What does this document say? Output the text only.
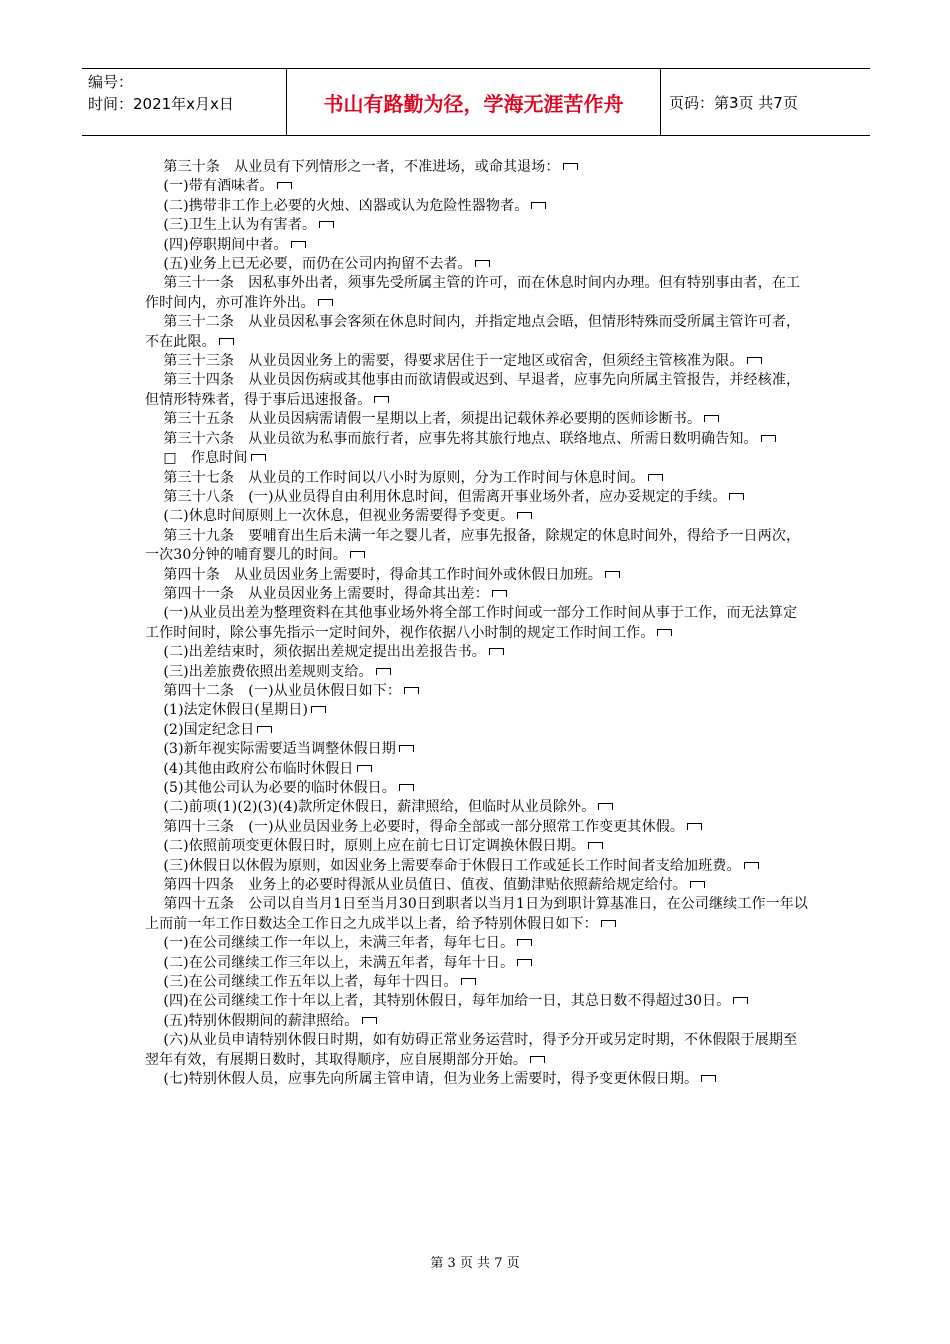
编号：
时间：2021年x月x日	书山有路勤为径，学海无涯苦作舟	页码：第3页 共7页

第三十条　从业员有下列情形之一者，不准进场，或命其退场：

(一)带有酒味者。

(二)携带非工作上必要的火烛、凶器或认为危险性器物者。

(三)卫生上认为有害者。

(四)停职期间中者。

(五)业务上已无必要，而仍在公司内拘留不去者。

第三十一条　因私事外出者，须事先受所属主管的许可，而在休息时间内办理。但有特别事由者，在工作时间内，亦可准许外出。

第三十二条　从业员因私事会客须在休息时间内，并指定地点会晤，但情形特殊而受所属主管许可者，不在此限。

第三十三条　从业员因业务上的需要，得要求居住于一定地区或宿舍，但须经主管核准为限。

第三十四条　从业员因伤病或其他事由而欲请假或迟到、早退者，应事先向所属主管报告，并经核准，但情形特殊者，得于事后迅速报备。

第三十五条　从业员因病需请假一星期以上者，须提出记载休养必要期的医师诊断书。

第三十六条　从业员欲为私事而旅行者，应事先将其旅行地点、联络地点、所需日数明确告知。

□　作息时间

第三十七条　从业员的工作时间以八小时为原则，分为工作时间与休息时间。

第三十八条　(一)从业员得自由利用休息时间，但需离开事业场外者，应办妥规定的手续。

(二)休息时间原则上一次休息，但视业务需要得予变更。

第三十九条　要哺育出生后未满一年之婴儿者，应事先报备，除规定的休息时间外，得给予一日两次，一次30分钟的哺育婴儿的时间。

第四十条　从业员因业务上需要时，得命其工作时间外或休假日加班。

第四十一条　从业员因业务上需要时，得命其出差：

(一)从业员出差为整理资料在其他事业场外将全部工作时间或一部分工作时间从事于工作，而无法算定工作时间时，除公事先指示一定时间外，视作依据八小时制的规定工作时间工作。

(二)出差结束时，须依据出差规定提出出差报告书。

(三)出差旅费依照出差规则支给。

第四十二条　(一)从业员休假日如下：

(1)法定休假日(星期日)

(2)国定纪念日

(3)新年视实际需要适当调整休假日期

(4)其他由政府公布临时休假日

(5)其他公司认为必要的临时休假日。

(二)前项(1)(2)(3)(4)款所定休假日，薪津照给，但临时从业员除外。

第四十三条　(一)从业员因业务上必要时，得命全部或一部分照常工作变更其休假。

(二)依照前项变更休假日时，原则上应在前七日订定调换休假日期。

(三)休假日以休假为原则，如因业务上需要奉命于休假日工作或延长工作时间者支给加班费。

第四十四条　业务上的必要时得派从业员值日、值夜、值勤津贴依照薪给规定给付。

第四十五条　公司以自当月1日至当月30日到职者以当月1日为到职计算基准日，在公司继续工作一年以上而前一年工作日数达全工作日之九成半以上者，给予特别休假日如下：

(一)在公司继续工作一年以上，未满三年者，每年七日。

(二)在公司继续工作三年以上，未满五年者，每年十日。

(三)在公司继续工作五年以上者，每年十四日。

(四)在公司继续工作十年以上者，其特别休假日，每年加给一日，其总日数不得超过30日。

(五)特别休假期间的薪津照给。

(六)从业员申请特别休假日时期，如有妨碍正常业务运营时，得予分开或另定时期，不休假限于展期至翌年有效，有展期日数时，其取得顺序，应自展期部分开始。

(七)特别休假人员，应事先向所属主管申请，但为业务上需要时，得予变更休假日期。

第 3 页 共 7 页
